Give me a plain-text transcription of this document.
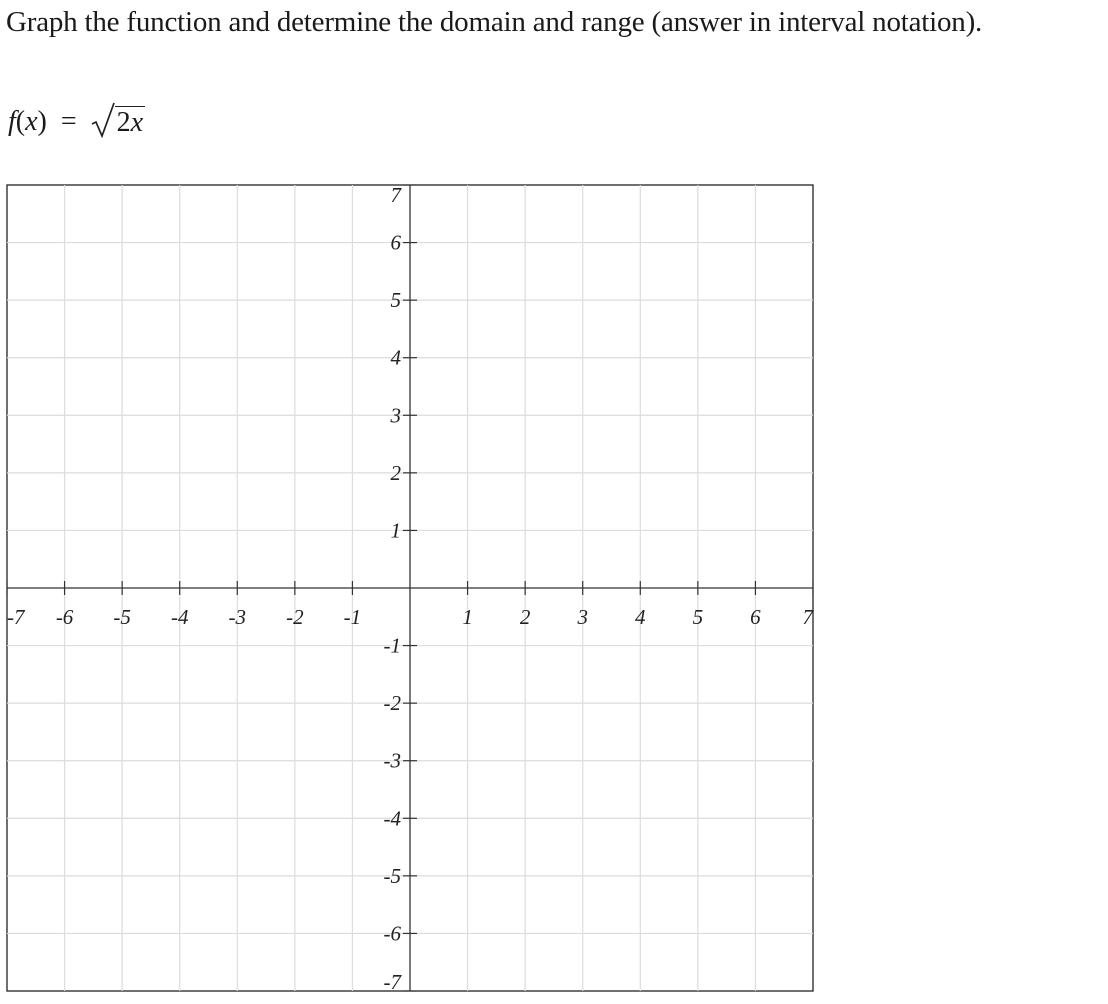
Graph the function and determine the domain and range (answer in interval notation).
f ( x ) = 2x
-7 -6 -5 -4 -3 -2 -1	1 2 3 4 5 6 7
7
6
5
4
3
2
1
-1
-2
-3
-4
-5
-6
-7
